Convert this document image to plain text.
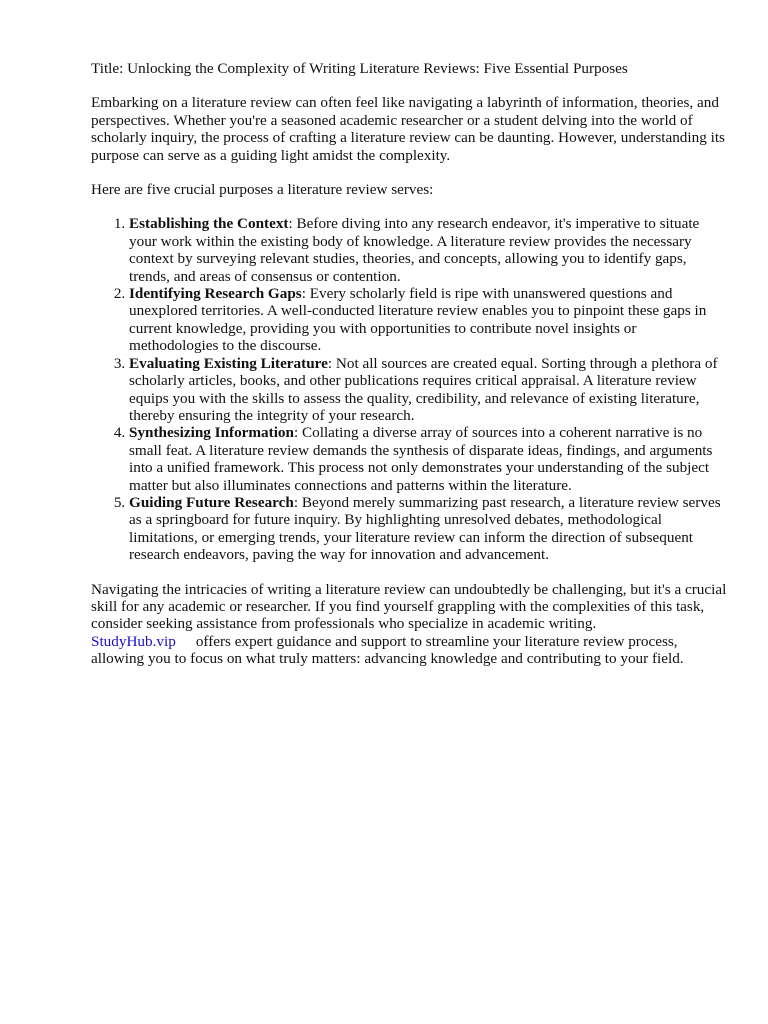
Title: Unlocking the Complexity of Writing Literature Reviews: Five Essential Purposes

Embarking on a literature review can often feel like navigating a labyrinth of information, theories, and perspectives. Whether you're a seasoned academic researcher or a student delving into the world of scholarly inquiry, the process of crafting a literature review can be daunting. However, understanding its purpose can serve as a guiding light amidst the complexity.

Here are five crucial purposes a literature review serves:

1. Establishing the Context: Before diving into any research endeavor, it's imperative to situate your work within the existing body of knowledge. A literature review provides the necessary context by surveying relevant studies, theories, and concepts, allowing you to identify gaps, trends, and areas of consensus or contention.
2. Identifying Research Gaps: Every scholarly field is ripe with unanswered questions and unexplored territories. A well-conducted literature review enables you to pinpoint these gaps in current knowledge, providing you with opportunities to contribute novel insights or methodologies to the discourse.
3. Evaluating Existing Literature: Not all sources are created equal. Sorting through a plethora of scholarly articles, books, and other publications requires critical appraisal. A literature review equips you with the skills to assess the quality, credibility, and relevance of existing literature, thereby ensuring the integrity of your research.
4. Synthesizing Information: Collating a diverse array of sources into a coherent narrative is no small feat. A literature review demands the synthesis of disparate ideas, findings, and arguments into a unified framework. This process not only demonstrates your understanding of the subject matter but also illuminates connections and patterns within the literature.
5. Guiding Future Research: Beyond merely summarizing past research, a literature review serves as a springboard for future inquiry. By highlighting unresolved debates, methodological limitations, or emerging trends, your literature review can inform the direction of subsequent research endeavors, paving the way for innovation and advancement.

Navigating the intricacies of writing a literature review can undoubtedly be challenging, but it's a crucial skill for any academic or researcher. If you find yourself grappling with the complexities of this task, consider seeking assistance from professionals who specialize in academic writing.
StudyHub.vip offers expert guidance and support to streamline your literature review process, allowing you to focus on what truly matters: advancing knowledge and contributing to your field.
